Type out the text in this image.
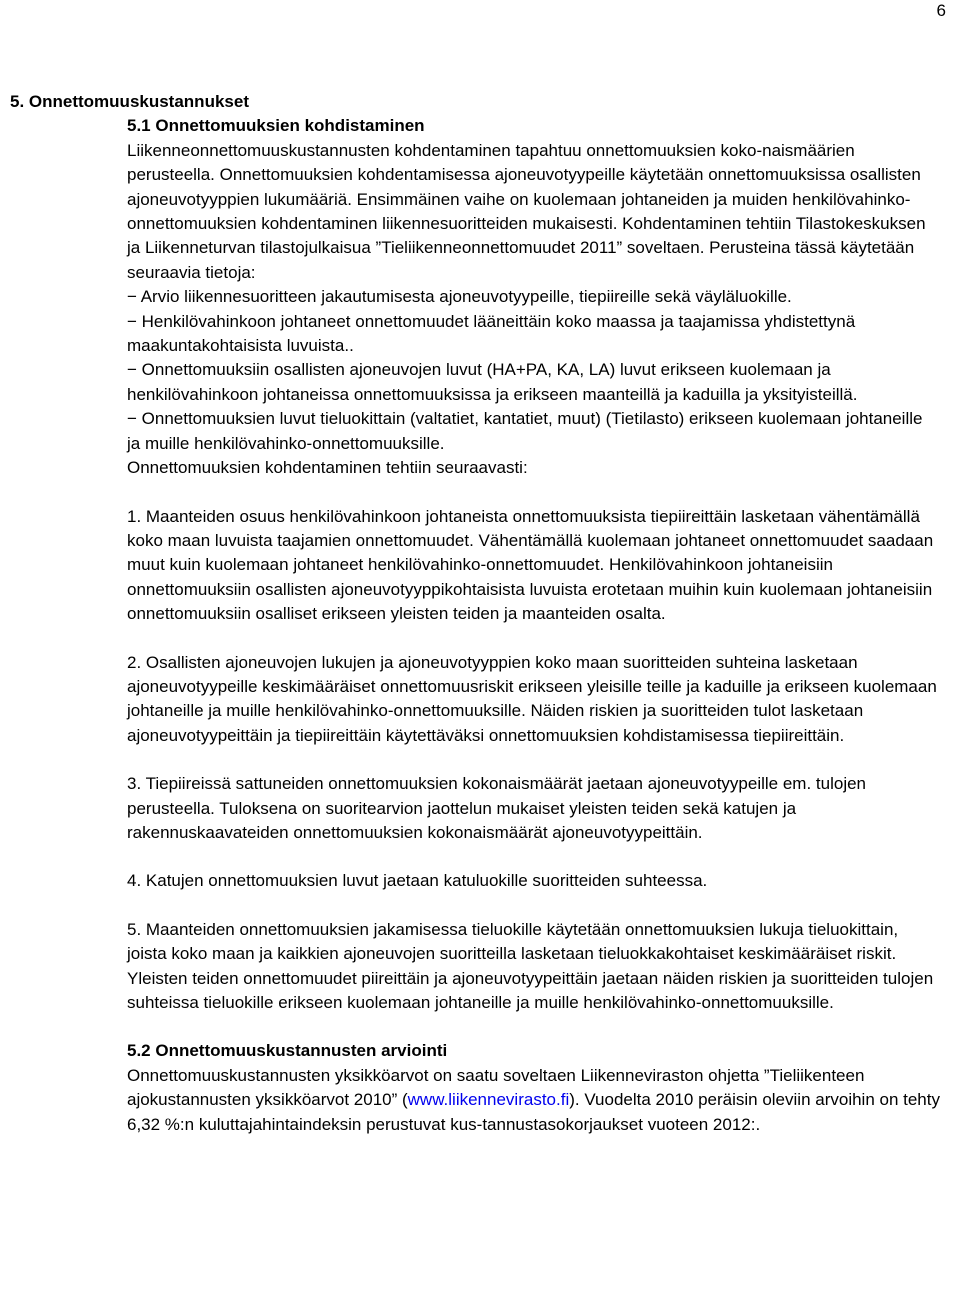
6

5. Onnettomuuskustannukset

5.1 Onnettomuuksien kohdistaminen

Liikenneonnettomuuskustannusten kohdentaminen tapahtuu onnettomuuksien koko-naismäärien perusteella. Onnettomuuksien kohdentamisessa ajoneuvotyypeille käytetään onnettomuuksissa osallisten ajoneuvotyyppien lukumääriä. Ensimmäinen vaihe on kuolemaan johtaneiden ja muiden henkilövahinko-onnettomuuksien kohdentaminen liikennesuoritteiden mukaisesti. Kohdentaminen tehtiin Tilastokeskuksen ja Liikenneturvan tilastojulkaisua ”Tieliikenneonnettomuudet 2011” soveltaen. Perusteina tässä käytetään seuraavia tietoja:

− Arvio liikennesuoritteen jakautumisesta ajoneuvotyypeille, tiepiireille sekä väyläluokille.

− Henkilövahinkoon johtaneet onnettomuudet lääneittäin koko maassa ja taajamissa yhdistettynä maakuntakohtaisista luvuista..

− Onnettomuuksiin osallisten ajoneuvojen luvut (HA+PA, KA, LA) luvut erikseen kuolemaan ja henkilövahinkoon johtaneissa onnettomuuksissa ja erikseen maanteillä ja kaduilla ja yksityisteillä.

− Onnettomuuksien luvut tieluokittain (valtatiet, kantatiet, muut) (Tietilasto) erikseen kuolemaan johtaneille ja muille henkilövahinko-onnettomuuksille.

Onnettomuuksien kohdentaminen tehtiin seuraavasti:

1. Maanteiden osuus henkilövahinkoon johtaneista onnettomuuksista tiepiireittäin lasketaan vähentämällä koko maan luvuista taajamien onnettomuudet. Vähentämällä kuolemaan johtaneet onnettomuudet saadaan muut kuin kuolemaan johtaneet henkilövahinko-onnettomuudet. Henkilövahinkoon johtaneisiin onnettomuuksiin osallisten ajoneuvotyyppikohtaisista luvuista erotetaan muihin kuin kuolemaan johtaneisiin onnettomuuksiin osalliset erikseen yleisten teiden ja maanteiden osalta.

2. Osallisten ajoneuvojen lukujen ja ajoneuvotyyppien koko maan suoritteiden suhteina lasketaan ajoneuvotyypeille keskimääräiset onnettomuusriskit erikseen yleisille teille ja kaduille ja erikseen kuolemaan johtaneille ja muille henkilövahinko-onnettomuuksille. Näiden riskien ja suoritteiden tulot lasketaan ajoneuvotyypeittäin ja tiepiireittäin käytettäväksi onnettomuuksien kohdistamisessa tiepiireittäin.

3. Tiepiireissä sattuneiden onnettomuuksien kokonaismäärät jaetaan ajoneuvotyypeille em. tulojen perusteella. Tuloksena on suoritearvion jaottelun mukaiset yleisten teiden sekä katujen ja rakennuskaavateiden onnettomuuksien kokonaismäärät ajoneuvotyypeittäin.

4. Katujen onnettomuuksien luvut jaetaan katuluokille suoritteiden suhteessa.

5. Maanteiden onnettomuuksien jakamisessa tieluokille käytetään onnettomuuksien lukuja tieluokittain, joista koko maan ja kaikkien ajoneuvojen suoritteilla lasketaan tieluokkakohtaiset keskimääräiset riskit. Yleisten teiden onnettomuudet piireittäin ja ajoneuvotyypeittäin jaetaan näiden riskien ja suoritteiden tulojen suhteissa tieluokille erikseen kuolemaan johtaneille ja muille henkilövahinko-onnettomuuksille.

5.2 Onnettomuuskustannusten arviointi

Onnettomuuskustannusten yksikköarvot on saatu soveltaen Liikenneviraston ohjetta ”Tieliikenteen ajokustannusten yksikköarvot 2010” (www.liikennevirasto.fi). Vuodelta 2010 peräisin oleviin arvoihin on tehty 6,32 %:n kuluttajahintaindeksin perustuvat kus-tannustasokorjaukset vuoteen 2012:.
